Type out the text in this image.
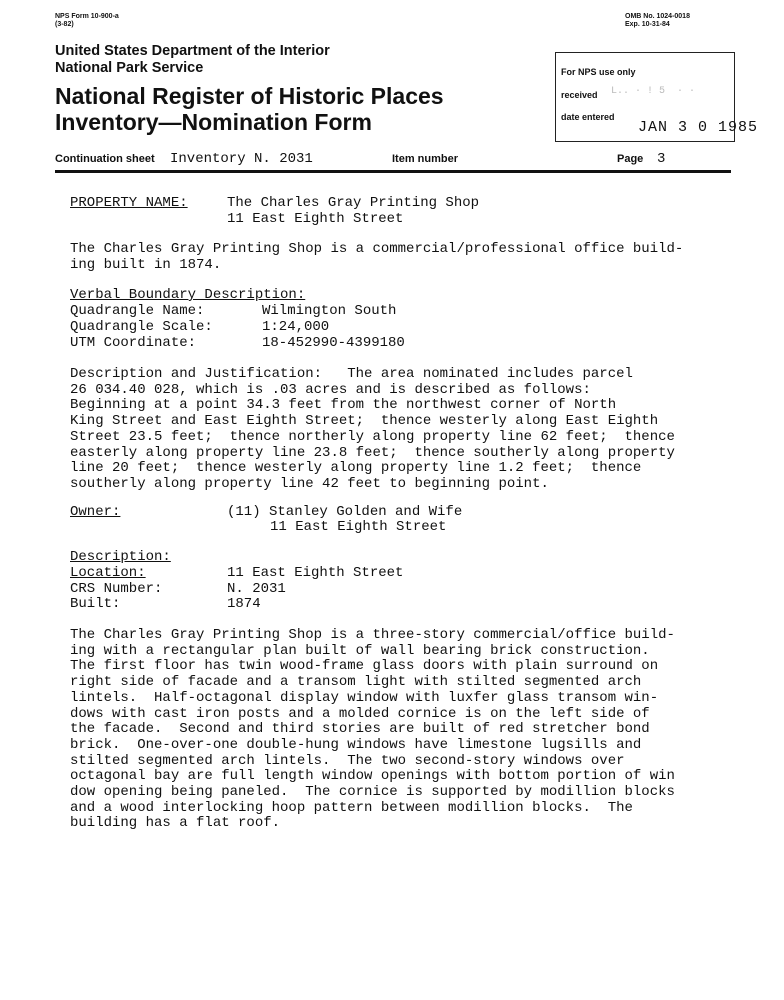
NPS Form 10-900-a
(3-82)
OMB No. 1024-0018
Exp. 10-31-84
United States Department of the Interior
National Park Service
National Register of Historic Places
Inventory—Nomination Form
For NPS use only
received L.. · ! 5  · ·
date entered
JAN 3 0 1985
Continuation sheet Inventory N. 2031	Item number	Page 3
PROPERTY NAME:	The Charles Gray Printing Shop
11 East Eighth Street
The Charles Gray Printing Shop is a commercial/professional office build-
ing built in 1874.
Verbal Boundary Description:
Quadrangle Name:	Wilmington South
Quadrangle Scale:	1:24,000
UTM Coordinate:	18-452990-4399180
Description and Justification:   The area nominated includes parcel
26 034.40 028, which is .03 acres and is described as follows:
Beginning at a point 34.3 feet from the northwest corner of North
King Street and East Eighth Street;  thence westerly along East Eighth
Street 23.5 feet;  thence northerly along property line 62 feet;  thence
easterly along property line 23.8 feet;  thence southerly along property
line 20 feet;  thence westerly along property line 1.2 feet;  thence
southerly along property line 42 feet to beginning point.
Owner:	(11) Stanley Golden and Wife
11 East Eighth Street
Description:
Location:	11 East Eighth Street
CRS Number:	N. 2031
Built:	1874
The Charles Gray Printing Shop is a three-story commercial/office build-
ing with a rectangular plan built of wall bearing brick construction.
The first floor has twin wood-frame glass doors with plain surround on
right side of facade and a transom light with stilted segmented arch
lintels.  Half-octagonal display window with luxfer glass transom win-
dows with cast iron posts and a molded cornice is on the left side of
the facade.  Second and third stories are built of red stretcher bond
brick.  One-over-one double-hung windows have limestone lugsills and
stilted segmented arch lintels.  The two second-story windows over
octagonal bay are full length window openings with bottom portion of win
dow opening being paneled.  The cornice is supported by modillion blocks
and a wood interlocking hoop pattern between modillion blocks.  The
building has a flat roof.
